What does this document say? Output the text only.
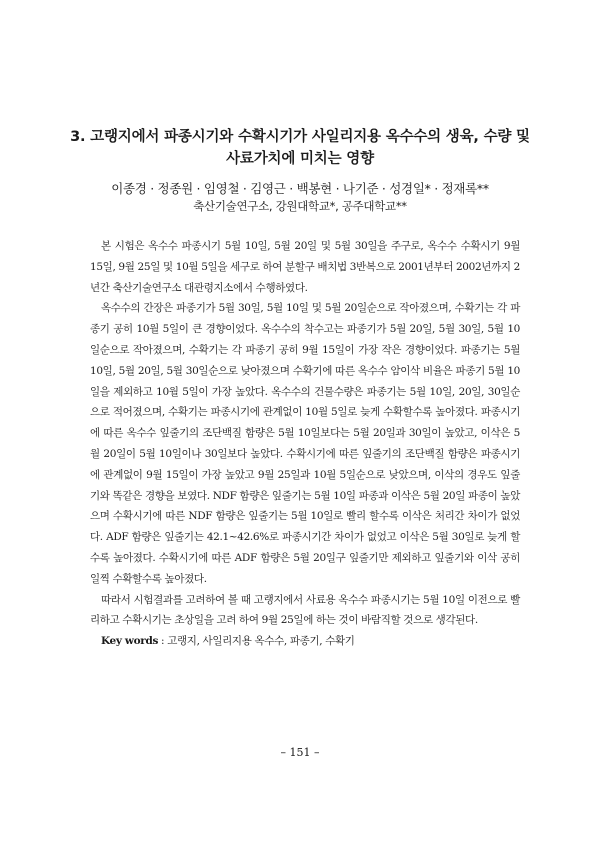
3. 고랭지에서 파종시기와 수확시기가 사일리지용 옥수수의 생육, 수량 및 사료가치에 미치는 영향
이종경 · 정종원 · 임영철 · 김영근 · 백봉현 · 나기준 · 성경일* · 정재록**
축산기술연구소, 강원대학교*, 공주대학교**

본 시험은 옥수수 파종시기 5월 10일, 5월 20일 및 5월 30일을 주구로, 옥수수 수확시기 9월 15일, 9월 25일 및 10월 5일을 세구로 하여 분할구 배치법 3반복으로 2001년부터 2002년까지 2년간 축산기술연구소 대관령지소에서 수행하였다.

옥수수의 간장은 파종기가 5월 30일, 5월 10일 및 5월 20일순으로 작아졌으며, 수확기는 각 파종기 공히 10월 5일이 큰 경향이었다. 옥수수의 착수고는 파종기가 5월 20일, 5월 30일, 5월 10일순으로 작아졌으며, 수확기는 각 파종기 공히 9월 15일이 가장 작은 경향이었다. 파종기는 5월 10일, 5월 20일, 5월 30일순으로 낮아졌으며 수확기에 따른 옥수수 암이삭 비율은 파종기 5월 10일을 제외하고 10월 5일이 가장 높았다. 옥수수의 건물수량은 파종기는 5월 10일, 20일, 30일순으로 적어졌으며, 수확기는 파종시기에 관계없이 10월 5일로 늦게 수확할수록 높아졌다. 파종시기에 따른 옥수수 잎줄기의 조단백질 함량은 5월 10일보다는 5월 20일과 30일이 높았고, 이삭은 5월 20일이 5월 10일이나 30일보다 높았다. 수확시기에 따른 잎줄기의 조단백질 함량은 파종시기에 관계없이 9월 15일이 가장 높았고 9월 25일과 10월 5일순으로 낮았으며, 이삭의 경우도 잎줄기와 똑같은 경향을 보였다. NDF 함량은 잎줄기는 5월 10일 파종과 이삭은 5월 20일 파종이 높았으며 수확시기에 따른 NDF 함량은 잎줄기는 5월 10일로 빨리 할수록 이삭은 처리간 차이가 없었다. ADF 함량은 잎줄기는 42.1~42.6%로 파종시기간 차이가 없었고 이삭은 5월 30일로 늦게 할수록 높아졌다. 수확시기에 따른 ADF 함량은 5월 20일구 잎줄기만 제외하고 잎줄기와 이삭 공히 일찍 수확할수록 높아졌다.

따라서 시험결과를 고려하여 볼 때 고랭지에서 사료용 옥수수 파종시기는 5월 10일 이전으로 빨리하고 수확시기는 초상일을 고려 하여 9월 25일에 하는 것이 바람직할 것으로 생각된다.

Key words : 고랭지, 사일리지용 옥수수, 파종기, 수확기

– 151 –
